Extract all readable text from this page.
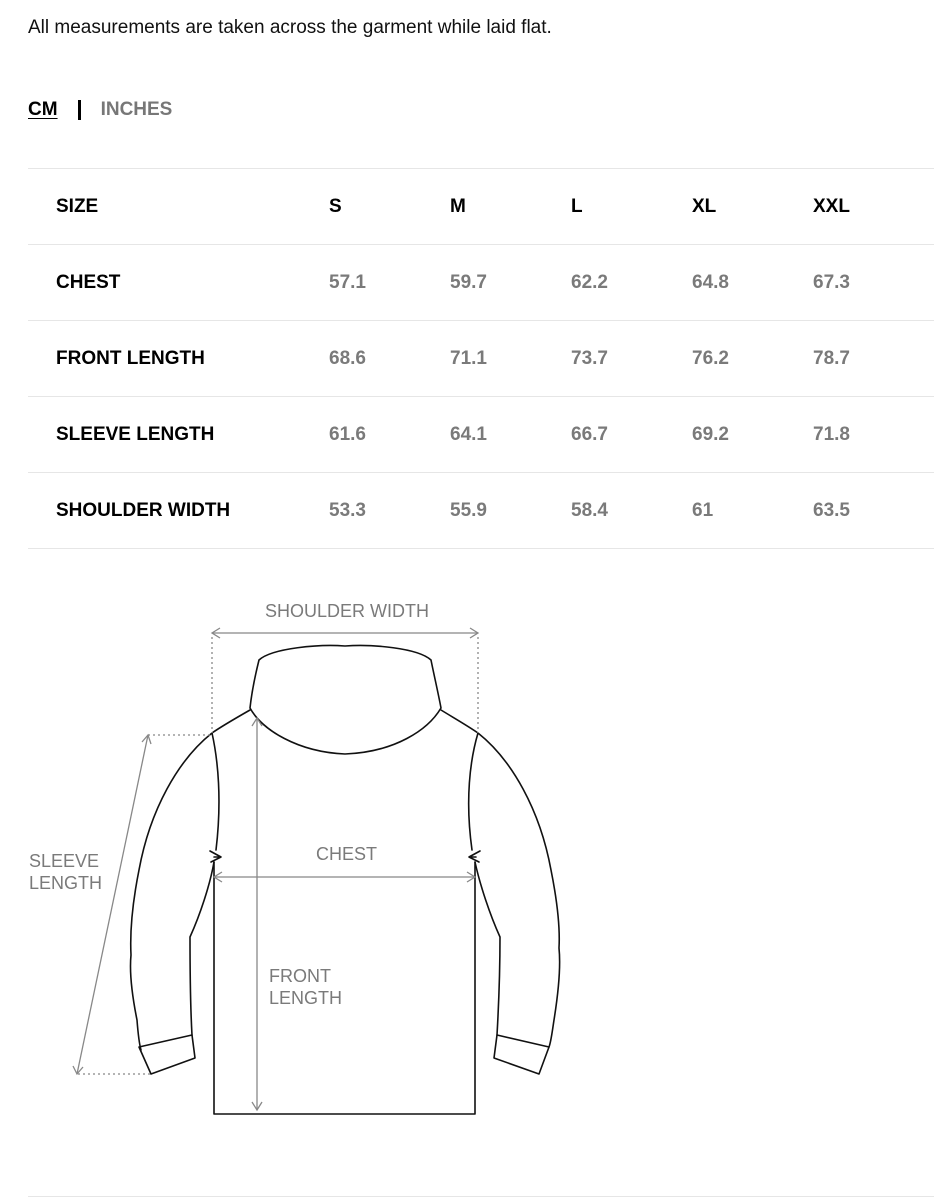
All measurements are taken across the garment while laid flat.

CM INCHES
SIZE	S	M	L	XL	XXL
CHEST	57.1	59.7	62.2	64.8	67.3
FRONT LENGTH	68.6	71.1	73.7	76.2	78.7
SLEEVE LENGTH	61.6	64.1	66.7	69.2	71.8
SHOULDER WIDTH	53.3	55.9	58.4	61	63.5

SHOULDER WIDTH

CHEST

FRONT

LENGTH

SLEEVE

LENGTH
